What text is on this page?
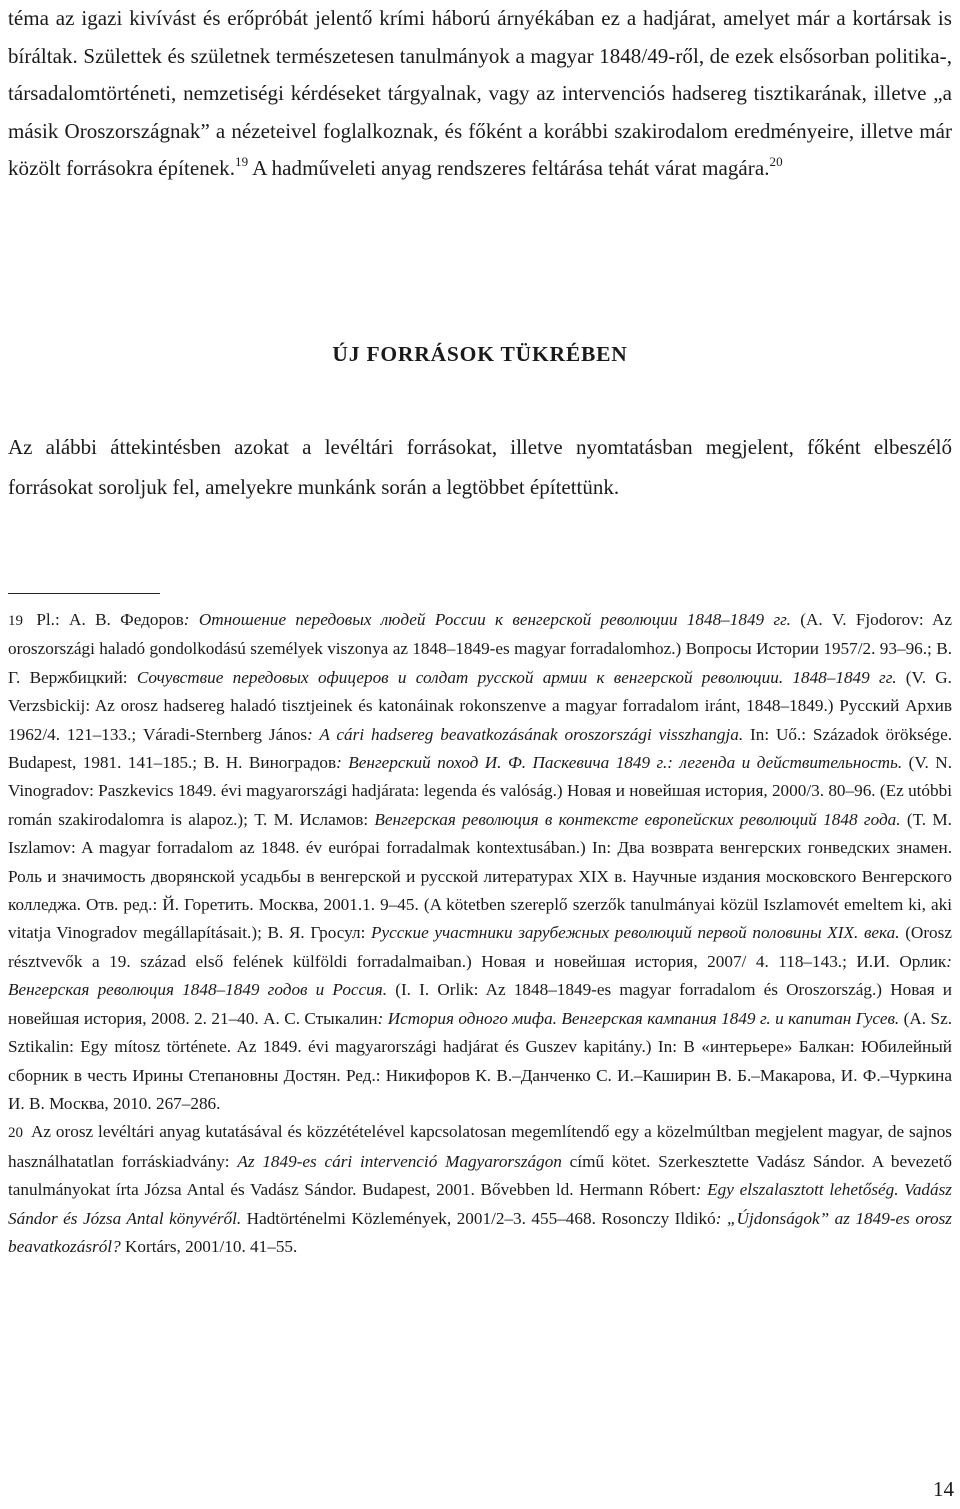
téma az igazi kivívást és erőpróbát jelentő krími háború árnyékában ez a hadjárat, amelyet már a kortársak is bíráltak. Születtek és születnek természetesen tanulmányok a magyar 1848/49-ről, de ezek elsősorban politika-, társadalomtörténeti, nemzetiségi kérdéseket tárgyalnak, vagy az intervenciós hadsereg tisztikarának, illetve „a másik Oroszországnak” a nézeteivel foglalkoznak, és főként a korábbi szakirodalom eredményeire, illetve már közölt forrásokra építenek.$^{19}$ A hadműveleti anyag rendszeres feltárása tehát várat magára.$^{20}$

ÚJ FORRÁSOK TÜKRÉBEN

Az alábbi áttekintésben azokat a levéltári forrásokat, illetve nyomtatásban megjelent, főként elbeszélő forrásokat soroljuk fel, amelyekre munkánk során a legtöbbet építettünk.

19 Pl.: А. В. Федоров: Отношение передовых людей России к венгерской революции 1848–1849 гг. (А. V. Fjodorov: Az oroszországi haladó gondolkodású személyek viszonya az 1848–1849-es magyar forradalomhoz.) Вопросы Истории 1957/2. 93–96.; В. Г. Вержбицкий: Сочувствие передовых офицеров и солдат русской армии к венгерской революции. 1848–1849 гг. (V. G. Verzsbickij: Az orosz hadsereg haladó tisztjeinek és katonáinak rokonszenve a magyar forradalom iránt, 1848–1849.) Русский Архив 1962/4. 121–133.; Váradi-Sternberg János: A cári hadsereg beavatkozásának oroszországi visszhangja. In: Uő.: Századok öröksége. Budapest, 1981. 141–185.; В. Н. Виноградов: Венгерский поход И. Ф. Паскевича 1849 г.: легенда и действительность. (V. N. Vinogradov: Paszkevics 1849. évi magyarországi hadjárata: legenda és valóság.) Новая и новейшая история, 2000/3. 80–96. (Ez utóbbi román szakirodalomra is alapoz.); Т. М. Исламов: Венгерская революция в контексте европейских революций 1848 года. (T. M. Iszlamov: A magyar forradalom az 1848. év európai forradalmak kontextusában.) In: Два возврата венгерских гонведских знамен. Роль и значимость дворянской усадьбы в венгерской и русской литературах XIX в. Научные издания московского Венгерского колледжа. Отв. ред.: Й. Горетить. Москва, 2001.1. 9–45. (A kötetben szereplő szerzők tanulmányai közül Iszlamovét emeltem ki, aki vitatja Vinogradov megállapításait.); В. Я. Гросул: Русские участники зарубежных революций первой половины XIX. века. (Orosz résztvevők a 19. század első felének külföldi forradalmaiban.) Новая и новейшая история, 2007/ 4. 118–143.; И.И. Орлик: Венгерская революция 1848–1849 годов и Россия. (I. I. Orlik: Az 1848–1849-es magyar forradalom és Oroszország.) Новая и новейшая история, 2008. 2. 21–40. А. С. Стыкалин: История одного мифа. Венгерская кампания 1849 г. и капитан Гусев. (A. Sz. Sztikalin: Egy mítosz története. Az 1849. évi magyarországi hadjárat és Guszev kapitány.) In: В «интерьере» Балкан: Юбилейный сборник в честь Ирины Степановны Достян. Ред.: Никифоров К. В.–Данченко С. И.–Каширин В. Б.–Макарова, И. Ф.–Чуркина И. В. Москва, 2010. 267–286.

20 Az orosz levéltári anyag kutatásával és közzétételével kapcsolatosan megemlítendő egy a közelmúltban megjelent magyar, de sajnos használhatatlan forráskiadvány: Az 1849-es cári intervenció Magyarországon című kötet. Szerkesztette Vadász Sándor. A bevezető tanulmányokat írta Józsa Antal és Vadász Sándor. Budapest, 2001. Bővebben ld. Hermann Róbert: Egy elszalasztott lehetőség. Vadász Sándor és Józsa Antal könyvéről. Hadtörténelmi Közlemények, 2001/2–3. 455–468. Rosonczy Ildikó: „Újdonságok” az 1849-es orosz beavatkozásról? Kortárs, 2001/10. 41–55.

14
